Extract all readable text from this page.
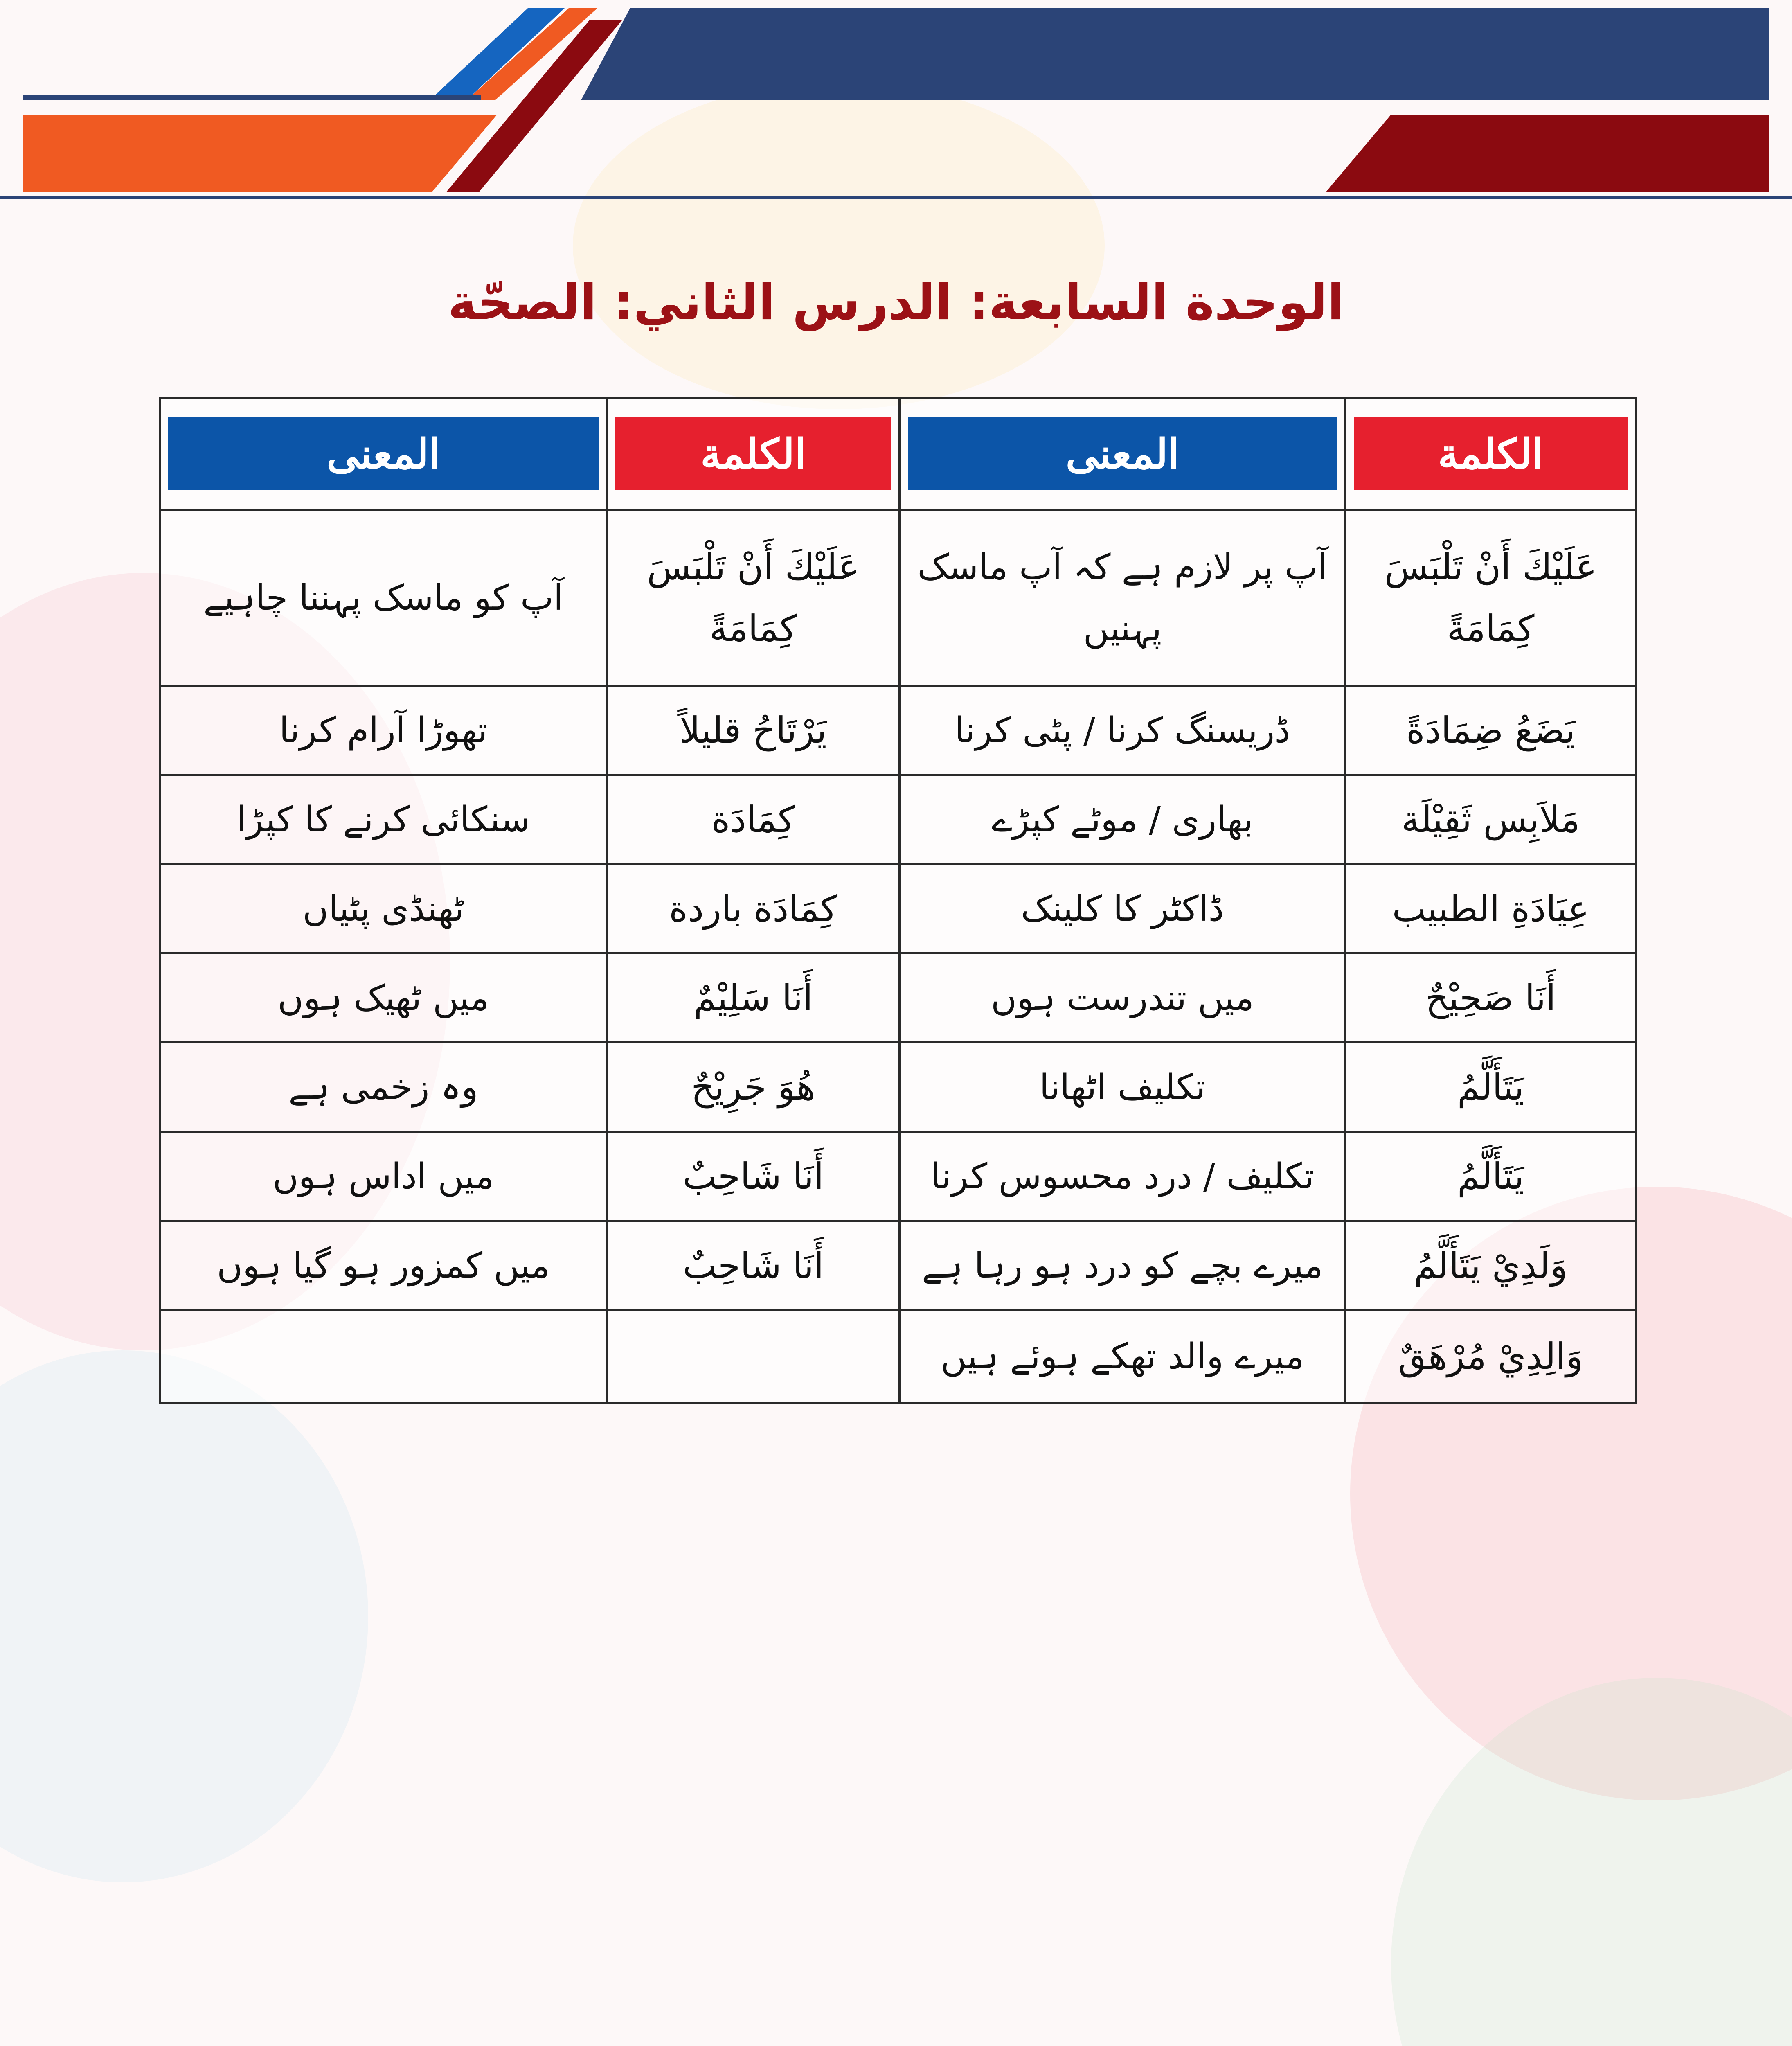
الوحدة السابعة: الدرس الثاني: الصحّة
الكلمة	المعنى	الكلمة	المعنى

عَلَيْكَ أَنْ تَلْبَسَ كِمَامَةً	آپ پر لازم ہے کہ آپ ماسک پہنیں	عَلَيْكَ أَنْ تَلْبَسَ كِمَامَةً	آپ کو ماسک پہننا چاہیے
يَضَعُ ضِمَادَةً	ڈریسنگ کرنا / پٹی کرنا	يَرْتَاحُ قليلاً	تھوڑا آرام کرنا
مَلاَبِس ثَقِيْلَة	بھاری / موٹے کپڑے	كِمَادَة	سنکائی کرنے کا کپڑا
عِيَادَةِ الطبيب	ڈاکٹر کا کلینک	كِمَادَة باردة	ٹھنڈی پٹیاں
أَنَا صَحِيْحٌ	میں تندرست ہوں	أَنَا سَلِيْمٌ	میں ٹھیک ہوں
يَتَأَلَّمُ	تکلیف اٹھانا	هُوَ جَرِيْحٌ	وہ زخمی ہے
يَتَأَلَّمُ	تکلیف / درد محسوس کرنا	أَنَا شَاحِبٌ	میں اداس ہوں
وَلَدِيْ يَتَأَلَّمُ	میرے بچے کو درد ہو رہا ہے	أَنَا شَاحِبٌ	میں کمزور ہو گیا ہوں
وَالِدِيْ مُرْهَقٌ	میرے والد تھکے ہوئے ہیں		
